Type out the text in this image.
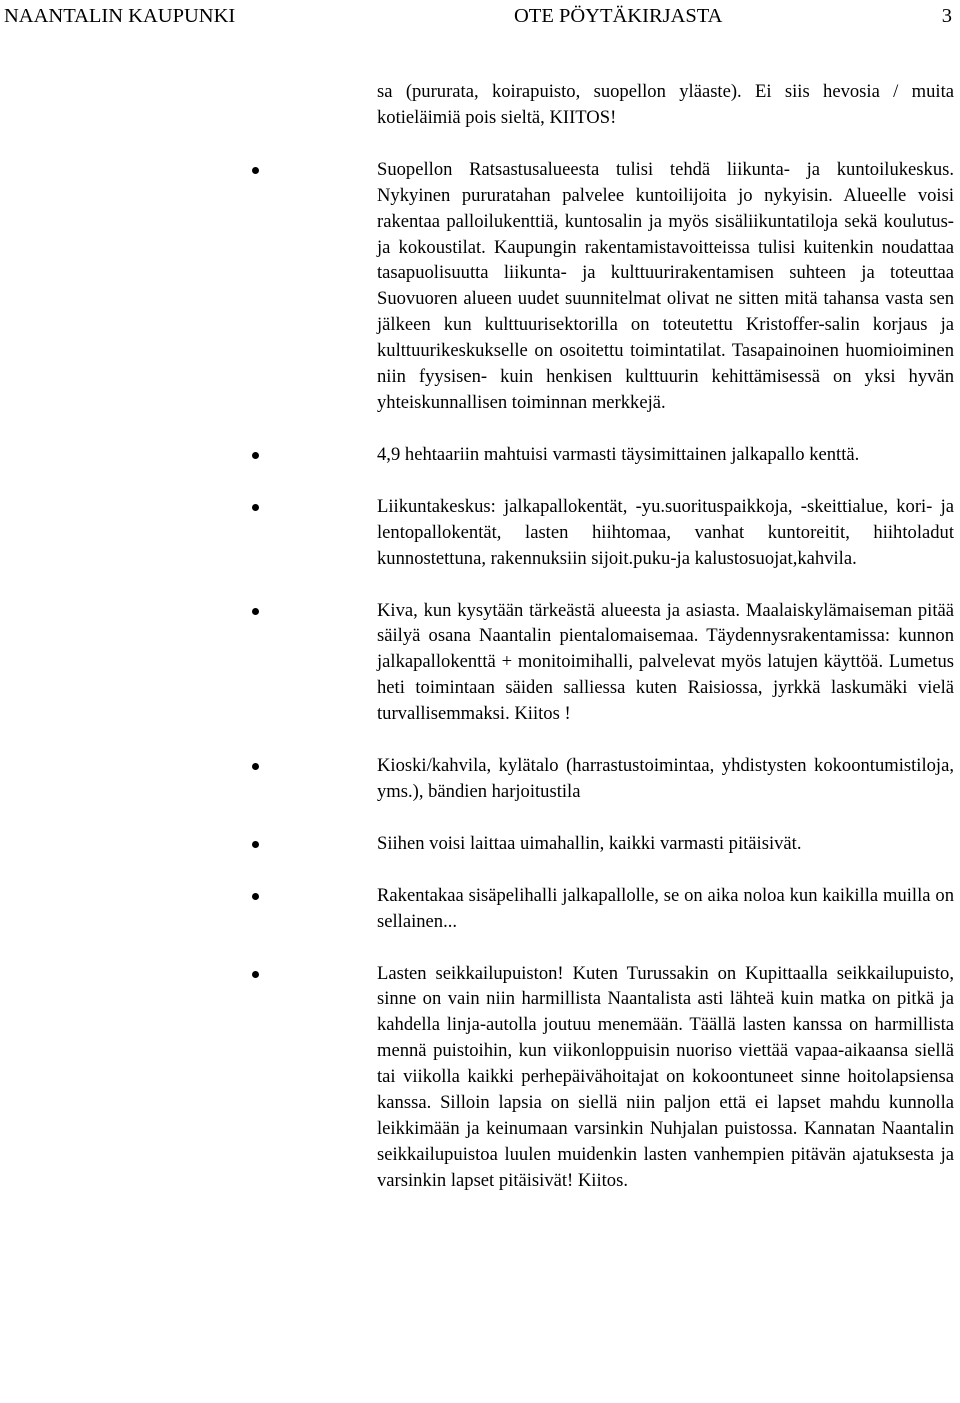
NAANTALIN KAUPUNKI	OTE PÖYTÄKIRJASTA	3

sa (pururata, koirapuisto, suopellon yläaste). Ei siis hevosia / muita kotieläimiä pois sieltä, KIITOS!

Suopellon Ratsastusalueesta tulisi tehdä liikunta- ja kuntoilukeskus. Nykyinen pururatahan palvelee kuntoilijoita jo nykyisin. Alueelle voisi rakentaa palloilukenttiä, kuntosalin ja myös sisäliikuntatiloja sekä koulutus- ja kokoustilat. Kaupungin rakentamistavoitteissa tulisi kuitenkin noudattaa tasapuolisuutta liikunta- ja kulttuurirakentamisen suhteen ja toteuttaa Suovuoren alueen uudet suunnitelmat olivat ne sitten mitä tahansa vasta sen jälkeen kun kulttuurisektorilla on toteutettu Kristoffer-salin korjaus ja kulttuurikeskukselle on osoitettu toimintatilat. Tasapainoinen huomioiminen niin fyysisen- kuin henkisen kulttuurin kehittämisessä on yksi hyvän yhteiskunnallisen toiminnan merkkejä.
4,9 hehtaariin mahtuisi varmasti täysimittainen jalkapallo kenttä.
Liikuntakeskus: jalkapallokentät, -yu.suorituspaikkoja, -skeittialue, kori- ja lentopallokentät, lasten hiihtomaa, vanhat kuntoreitit, hiihtoladut kunnostettuna, rakennuksiin sijoit.puku-ja kalustosuojat,kahvila.
Kiva, kun kysytään tärkeästä alueesta ja asiasta. Maalaiskylämaiseman pitää säilyä osana Naantalin pientalomaisemaa. Täydennysrakentamissa: kunnon jalkapallokenttä + monitoimihalli, palvelevat myös latujen käyttöä. Lumetus heti toimintaan säiden salliessa kuten Raisiossa, jyrkkä laskumäki vielä turvallisemmaksi. Kiitos !
Kioski/kahvila, kylätalo (harrastustoimintaa, yhdistysten kokoontumistiloja, yms.), bändien harjoitustila
Siihen voisi laittaa uimahallin, kaikki varmasti pitäisivät.
Rakentakaa sisäpelihalli jalkapallolle, se on aika noloa kun kaikilla muilla on sellainen...
Lasten seikkailupuiston! Kuten Turussakin on Kupittaalla seikkailupuisto, sinne on vain niin harmillista Naantalista asti lähteä kuin matka on pitkä ja kahdella linja-autolla joutuu menemään. Täällä lasten kanssa on harmillista mennä puistoihin, kun viikonloppuisin nuoriso viettää vapaa-aikaansa siellä tai viikolla kaikki perhepäivähoitajat on kokoontuneet sinne hoitolapsiensa kanssa. Silloin lapsia on siellä niin paljon että ei lapset mahdu kunnolla leikkimään ja keinumaan varsinkin Nuhjalan puistossa. Kannatan Naantalin seikkailupuistoa luulen muidenkin lasten vanhempien pitävän ajatuksesta ja varsinkin lapset pitäisivät! Kiitos.
